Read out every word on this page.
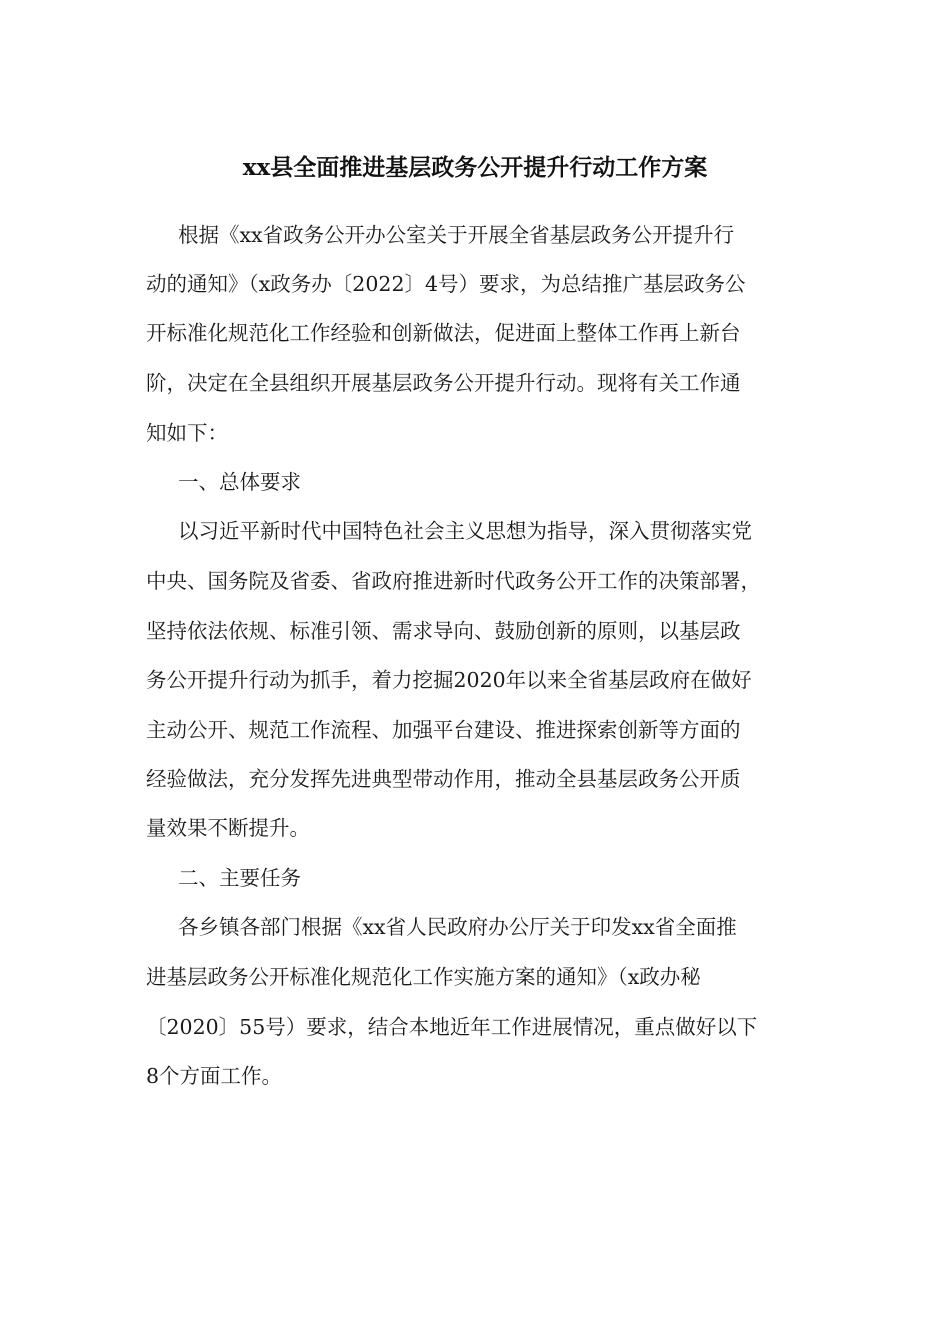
xx县全面推进基层政务公开提升行动工作方案

根据《xx省政务公开办公室关于开展全省基层政务公开提升行

动的通知》（x政务办〔2022〕4号）要求，为总结推广基层政务公

开标准化规范化工作经验和创新做法，促进面上整体工作再上新台

阶，决定在全县组织开展基层政务公开提升行动。现将有关工作通

知如下：

一、总体要求

以习近平新时代中国特色社会主义思想为指导，深入贯彻落实党

中央、国务院及省委、省政府推进新时代政务公开工作的决策部署，

坚持依法依规、标准引领、需求导向、鼓励创新的原则，以基层政

务公开提升行动为抓手，着力挖掘2020年以来全省基层政府在做好

主动公开、规范工作流程、加强平台建设、推进探索创新等方面的

经验做法，充分发挥先进典型带动作用，推动全县基层政务公开质

量效果不断提升。

二、主要任务

各乡镇各部门根据《xx省人民政府办公厅关于印发xx省全面推

进基层政务公开标准化规范化工作实施方案的通知》（x政办秘

〔2020〕55号）要求，结合本地近年工作进展情况，重点做好以下

8个方面工作。
